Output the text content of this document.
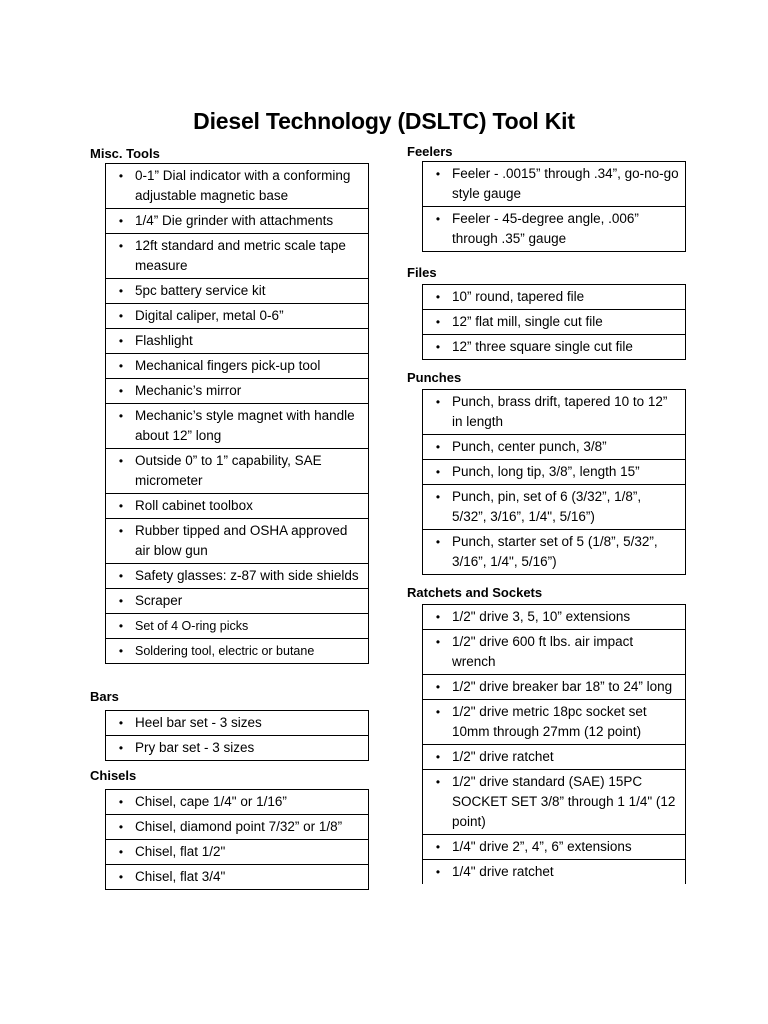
Diesel Technology (DSLTC) Tool Kit
Misc. Tools
•
0-1” Dial indicator with a conforming adjustable magnetic base
•
1/4” Die grinder with attachments
•
12ft standard and metric scale tape measure
•
5pc battery service kit
•
Digital caliper, metal 0-6”
•
Flashlight
•
Mechanical fingers pick-up tool
•
Mechanic’s mirror
•
Mechanic’s style magnet with handle about 12” long
•
Outside 0” to 1” capability, SAE micrometer
•
Roll cabinet toolbox
•
Rubber tipped and OSHA approved air blow gun
•
Safety glasses: z-87 with side shields
•
Scraper
•
Set of 4 O-ring picks
•
Soldering tool, electric or butane
Bars
•
Heel bar set - 3 sizes
•
Pry bar set - 3 sizes
Chisels
•
Chisel, cape 1/4" or 1/16”
•
Chisel, diamond point 7/32” or 1/8”
•
Chisel, flat 1/2"
•
Chisel, flat 3/4"
Feelers
•
Feeler - .0015” through .34”, go-no-go style gauge
•
Feeler - 45-degree angle, .006” through .35” gauge
Files
•
10” round, tapered file
•
12” flat mill, single cut file
•
12” three square single cut file
Punches
•
Punch, brass drift, tapered 10 to 12” in length
•
Punch, center punch, 3/8”
•
Punch, long tip, 3/8”, length 15”
•
Punch, pin, set of 6 (3/32”, 1/8”, 5/32”, 3/16”, 1/4", 5/16”)
•
Punch, starter set of 5 (1/8”, 5/32”, 3/16”, 1/4", 5/16”)
Ratchets and Sockets
•
1/2" drive 3, 5, 10” extensions
•
1/2" drive 600 ft lbs. air impact wrench
•
1/2" drive breaker bar 18” to 24” long
•
1/2" drive metric 18pc socket set 10mm through 27mm (12 point)
•
1/2" drive ratchet
•
1/2" drive standard (SAE) 15PC SOCKET SET 3/8” through 1 1/4" (12 point)
•
1/4" drive 2”, 4”, 6” extensions
•
1/4" drive ratchet
